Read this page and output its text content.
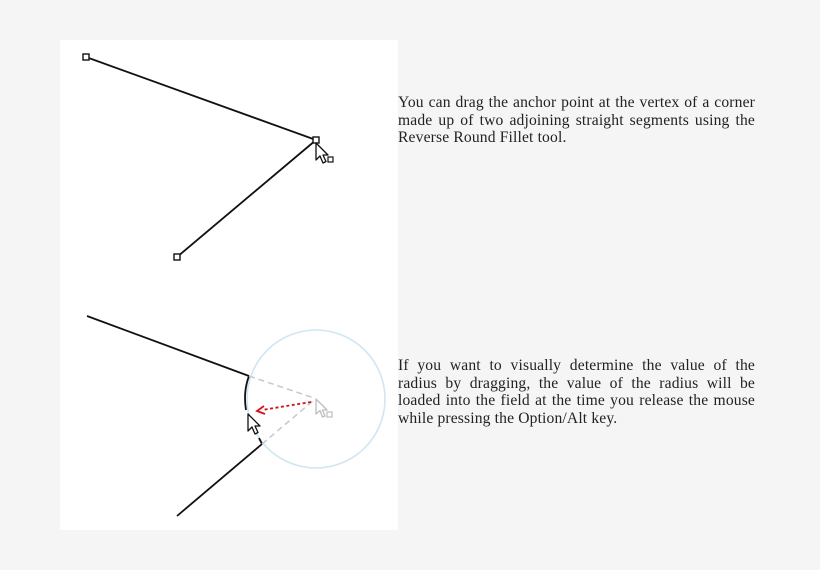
You can drag the anchor point at the vertex of a corner made up of two adjoining straight segments using the Reverse Round Fillet tool.

If you want to visually determine the value of the radius by dragging, the value of the radius will be loaded into the field at the time you release the mouse while pressing the Option/Alt key.
